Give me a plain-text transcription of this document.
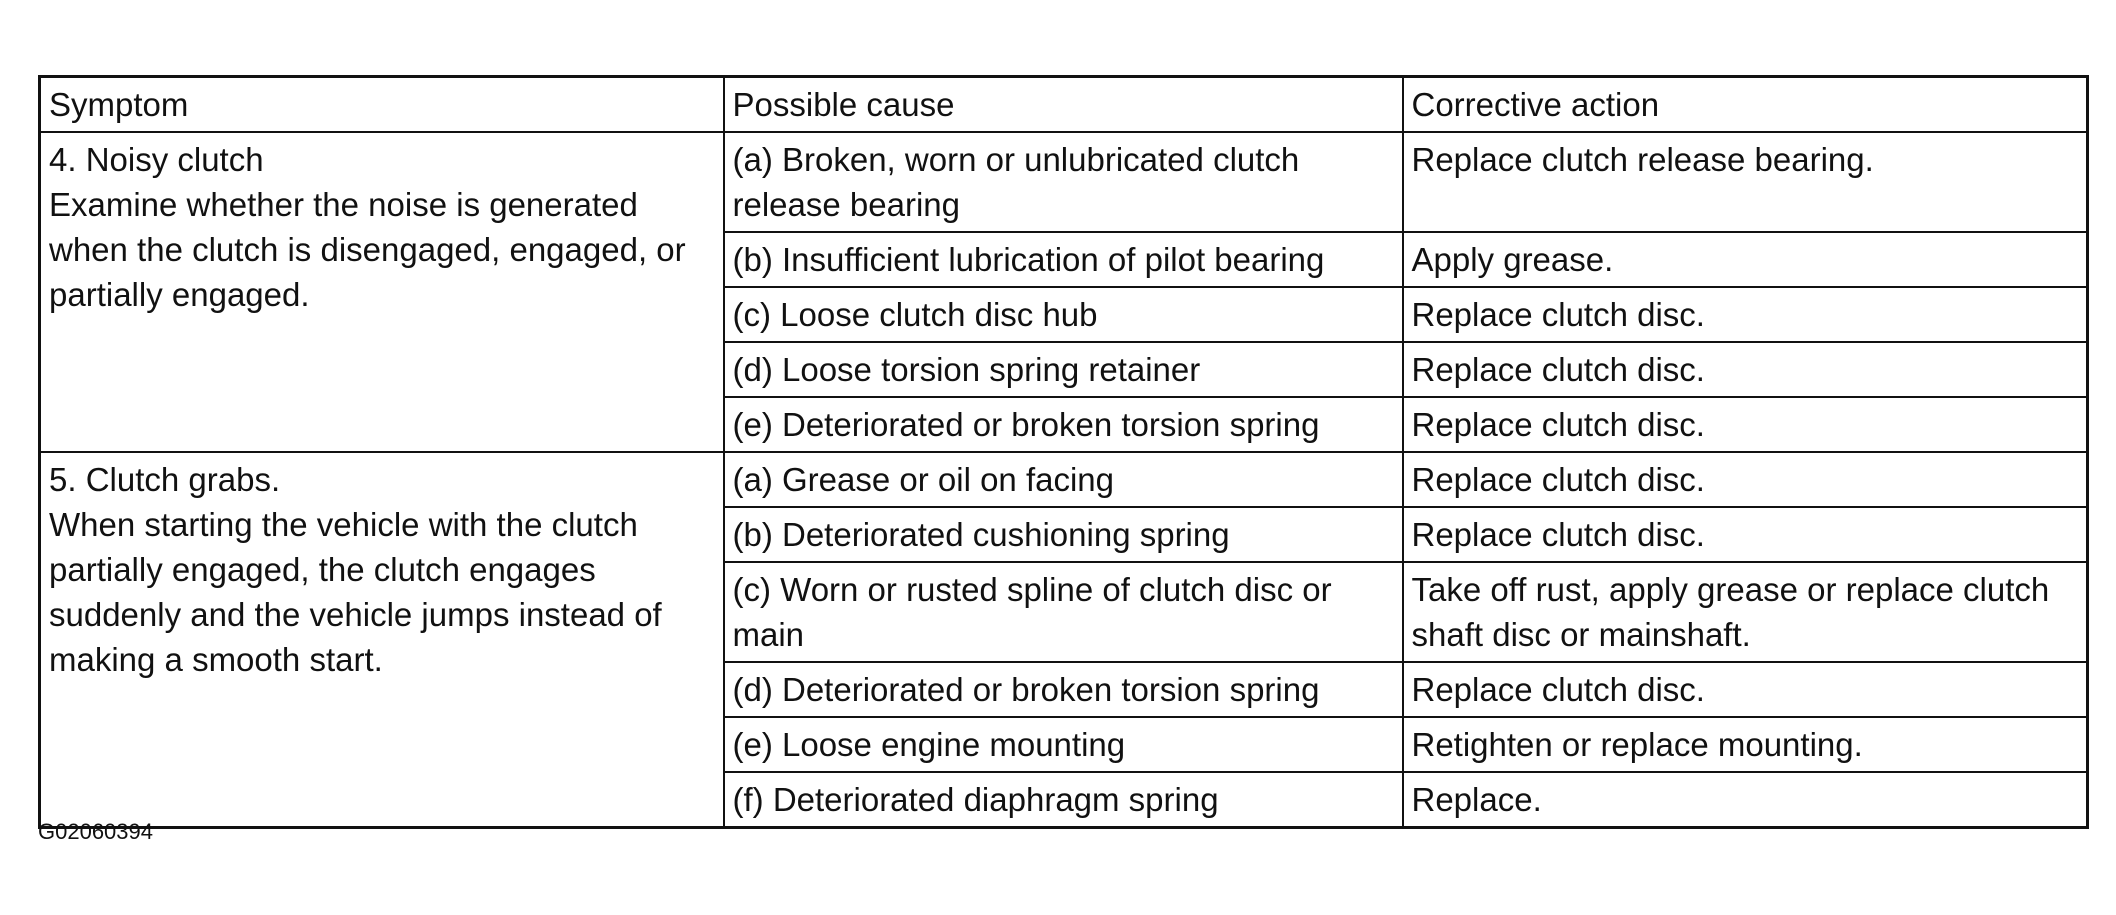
Symptom	Possible cause	Corrective action

4. Noisy clutch
Examine whether the noise is generated when the clutch is disengaged, engaged, or partially engaged.	(a) Broken, worn or unlubricated clutch release bearing	Replace clutch release bearing.
	(b) Insufficient lubrication of pilot bearing	Apply grease.
	(c) Loose clutch disc hub	Replace clutch disc.
	(d) Loose torsion spring retainer	Replace clutch disc.
	(e) Deteriorated or broken torsion spring	Replace clutch disc.

5. Clutch grabs.
When starting the vehicle with the clutch partially engaged, the clutch engages suddenly and the vehicle jumps instead of making a smooth start.	(a) Grease or oil on facing	Replace clutch disc.
	(b) Deteriorated cushioning spring	Replace clutch disc.
	(c) Worn or rusted spline of clutch disc or main	Take off rust, apply grease or replace clutch shaft disc or mainshaft.
	(d) Deteriorated or broken torsion spring	Replace clutch disc.
	(e) Loose engine mounting	Retighten or replace mounting.
	(f) Deteriorated diaphragm spring	Replace.
G02060394
